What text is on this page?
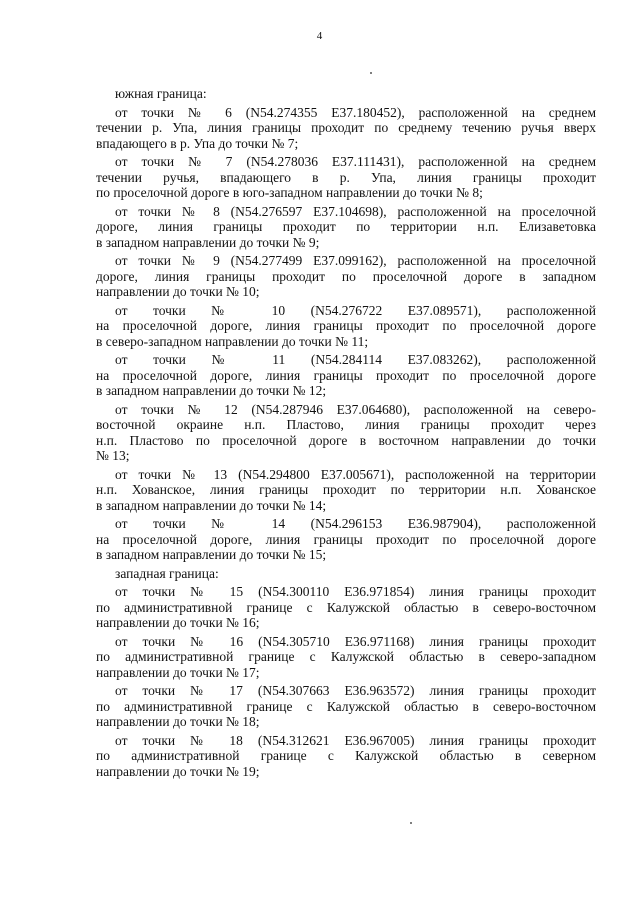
4
южная граница:
от точки № 6 (N54.274355 E37.180452), расположенной на среднем
течении р. Упа, линия границы проходит по среднему течению ручья вверх
впадающего в р. Упа до точки № 7;
от точки № 7 (N54.278036 E37.111431), расположенной на среднем
течении ручья, впадающего в р. Упа, линия границы проходит
по проселочной дороге в юго-западном направлении до точки № 8;
от точки № 8 (N54.276597 E37.104698), расположенной на проселочной
дороге, линия границы проходит по территории н.п. Елизаветовка
в западном направлении до точки № 9;
от точки № 9 (N54.277499 E37.099162), расположенной на проселочной
дороге, линия границы проходит по проселочной дороге в западном
направлении до точки № 10;
от точки № 10 (N54.276722 E37.089571), расположенной
на проселочной дороге, линия границы проходит по проселочной дороге
в северо-западном направлении до точки № 11;
от точки № 11 (N54.284114 E37.083262), расположенной
на проселочной дороге, линия границы проходит по проселочной дороге
в западном направлении до точки № 12;
от точки № 12 (N54.287946 E37.064680), расположенной на северо-
восточной окраине н.п. Пластово, линия границы проходит через
н.п. Пластово по проселочной дороге в восточном направлении до точки
№ 13;
от точки № 13 (N54.294800 E37.005671), расположенной на территории
н.п. Хованское, линия границы проходит по территории н.п. Хованское
в западном направлении до точки № 14;
от точки № 14 (N54.296153 E36.987904), расположенной
на проселочной дороге, линия границы проходит по проселочной дороге
в западном направлении до точки № 15;
западная граница:
от точки № 15 (N54.300110 E36.971854) линия границы проходит
по административной границе с Калужской областью в северо-восточном
направлении до точки № 16;
от точки № 16 (N54.305710 E36.971168) линия границы проходит
по административной границе с Калужской областью в северо-западном
направлении до точки № 17;
от точки № 17 (N54.307663 E36.963572) линия границы проходит
по административной границе с Калужской областью в северо-восточном
направлении до точки № 18;
от точки № 18 (N54.312621 E36.967005) линия границы проходит
по административной границе с Калужской областью в северном
направлении до точки № 19;
